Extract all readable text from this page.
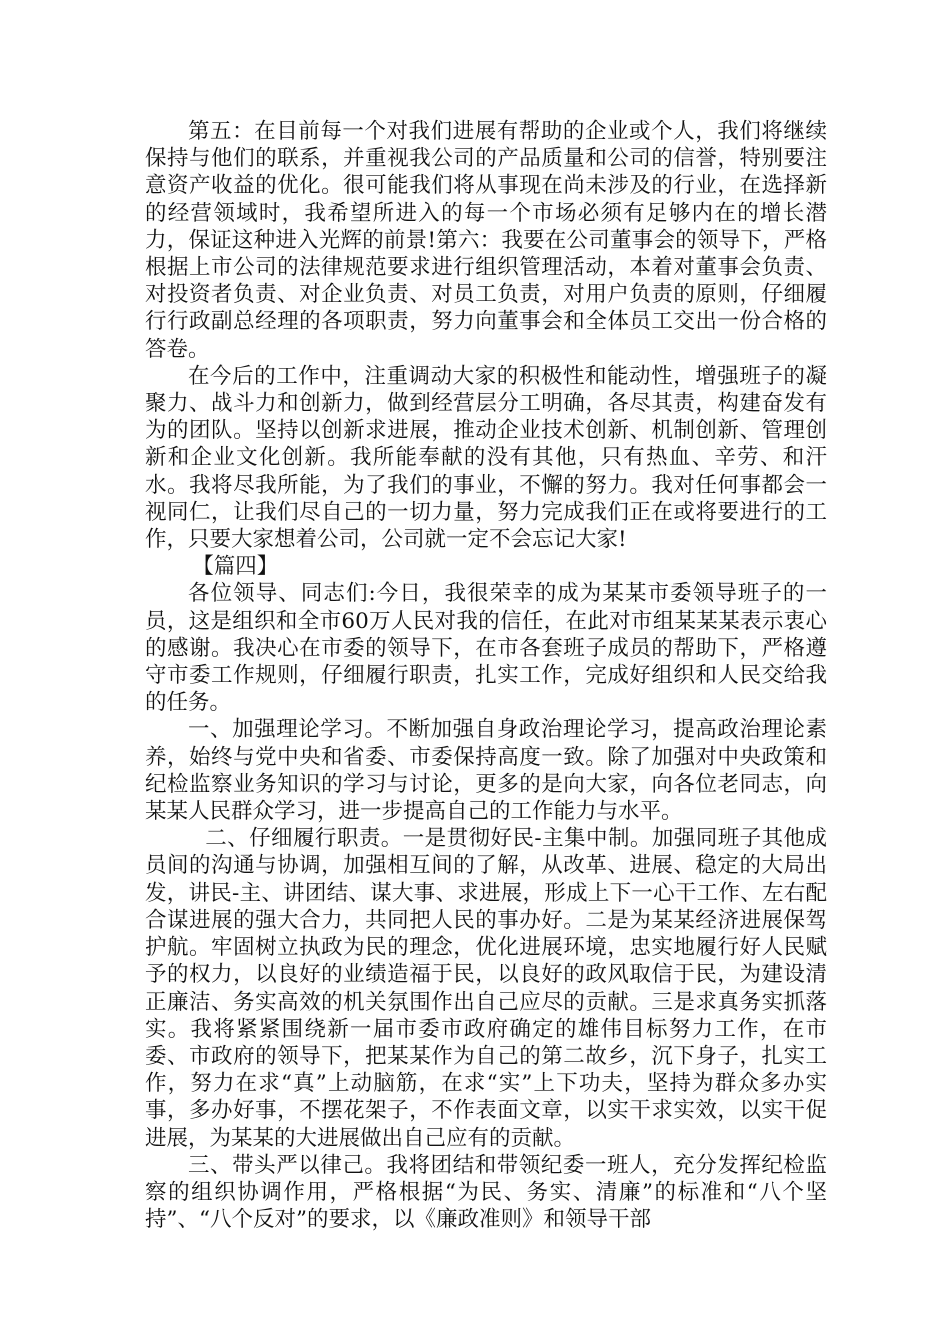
第五：在目前每一个对我们进展有帮助的企业或个人，我们将继续保持与他们的联系，并重视我公司的产品质量和公司的信誉，特别要注意资产收益的优化。很可能我们将从事现在尚未涉及的行业，在选择新的经营领域时，我希望所进入的每一个市场必须有足够内在的增长潜力，保证这种进入光辉的前景!第六：我要在公司董事会的领导下，严格根据上市公司的法律规范要求进行组织管理活动，本着对董事会负责、对投资者负责、对企业负责、对员工负责，对用户负责的原则，仔细履行行政副总经理的各项职责，努力向董事会和全体员工交出一份合格的答卷。

在今后的工作中，注重调动大家的积极性和能动性，增强班子的凝聚力、战斗力和创新力，做到经营层分工明确，各尽其责，构建奋发有为的团队。坚持以创新求进展，推动企业技术创新、机制创新、管理创新和企业文化创新。我所能奉献的没有其他，只有热血、辛劳、和汗水。我将尽我所能，为了我们的事业，不懈的努力。我对任何事都会一视同仁，让我们尽自己的一切力量，努力完成我们正在或将要进行的工作，只要大家想着公司，公司就一定不会忘记大家!

【篇四】

各位领导、同志们:今日，我很荣幸的成为某某市委领导班子的一员，这是组织和全市60万人民对我的信任，在此对市组某某某表示衷心的感谢。我决心在市委的领导下，在市各套班子成员的帮助下，严格遵守市委工作规则，仔细履行职责，扎实工作，完成好组织和人民交给我的任务。

一、加强理论学习。不断加强自身政治理论学习，提高政治理论素养，始终与党中央和省委、市委保持高度一致。除了加强对中央政策和纪检监察业务知识的学习与讨论，更多的是向大家，向各位老同志，向某某人民群众学习，进一步提高自己的工作能力与水平。

二、仔细履行职责。一是贯彻好民-主集中制。加强同班子其他成员间的沟通与协调，加强相互间的了解，从改革、进展、稳定的大局出发，讲民-主、讲团结、谋大事、求进展，形成上下一心干工作、左右配合谋进展的强大合力，共同把人民的事办好。二是为某某经济进展保驾护航。牢固树立执政为民的理念，优化进展环境，忠实地履行好人民赋予的权力，以良好的业绩造福于民，以良好的政风取信于民，为建设清正廉洁、务实高效的机关氛围作出自己应尽的贡献。三是求真务实抓落实。我将紧紧围绕新一届市委市政府确定的雄伟目标努力工作，在市委、市政府的领导下，把某某作为自己的第二故乡，沉下身子，扎实工作，努力在求“真”上动脑筋，在求“实”上下功夫，坚持为群众多办实事，多办好事，不摆花架子，不作表面文章，以实干求实效，以实干促进展，为某某的大进展做出自己应有的贡献。

三、带头严以律己。我将团结和带领纪委一班人，充分发挥纪检监察的组织协调作用，严格根据“为民、务实、清廉”的标准和“八个坚持”、“八个反对”的要求，以《廉政准则》和领导干部
